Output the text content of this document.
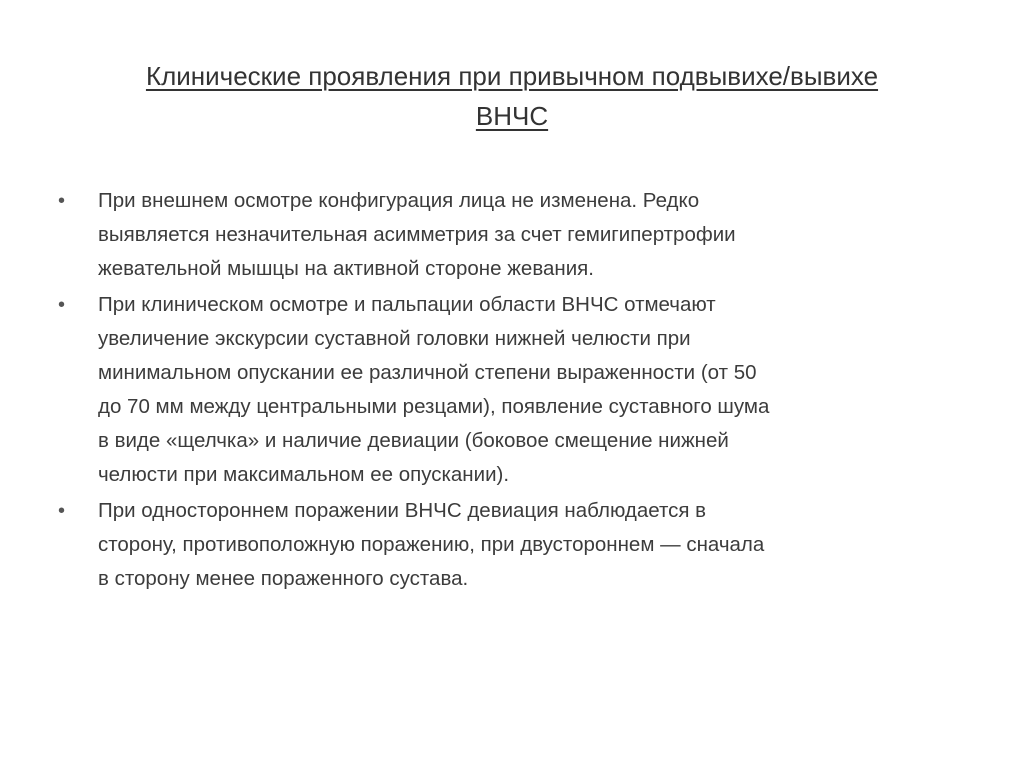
Клинические проявления при привычном подвывихе/вывихе
ВНЧС
•	При внешнем осмотре конфигурация лица не изменена. Редко
выявляется незначительная асимметрия за счет гемигипертрофии
жевательной мышцы на активной стороне жевания.
•	При клиническом осмотре и пальпации области ВНЧС отмечают
увеличение экскурсии суставной головки нижней челюсти при
минимальном опускании ее различной степени выраженности (от 50
до 70 мм между центральными резцами), появление суставного шума
в виде «щелчка» и наличие девиации (боковое смещение нижней
челюсти при максимальном ее опускании).
•	При одностороннем поражении ВНЧС девиация наблюдается в
сторону, противоположную поражению, при двустороннем — сначала
в сторону менее пораженного сустава.
